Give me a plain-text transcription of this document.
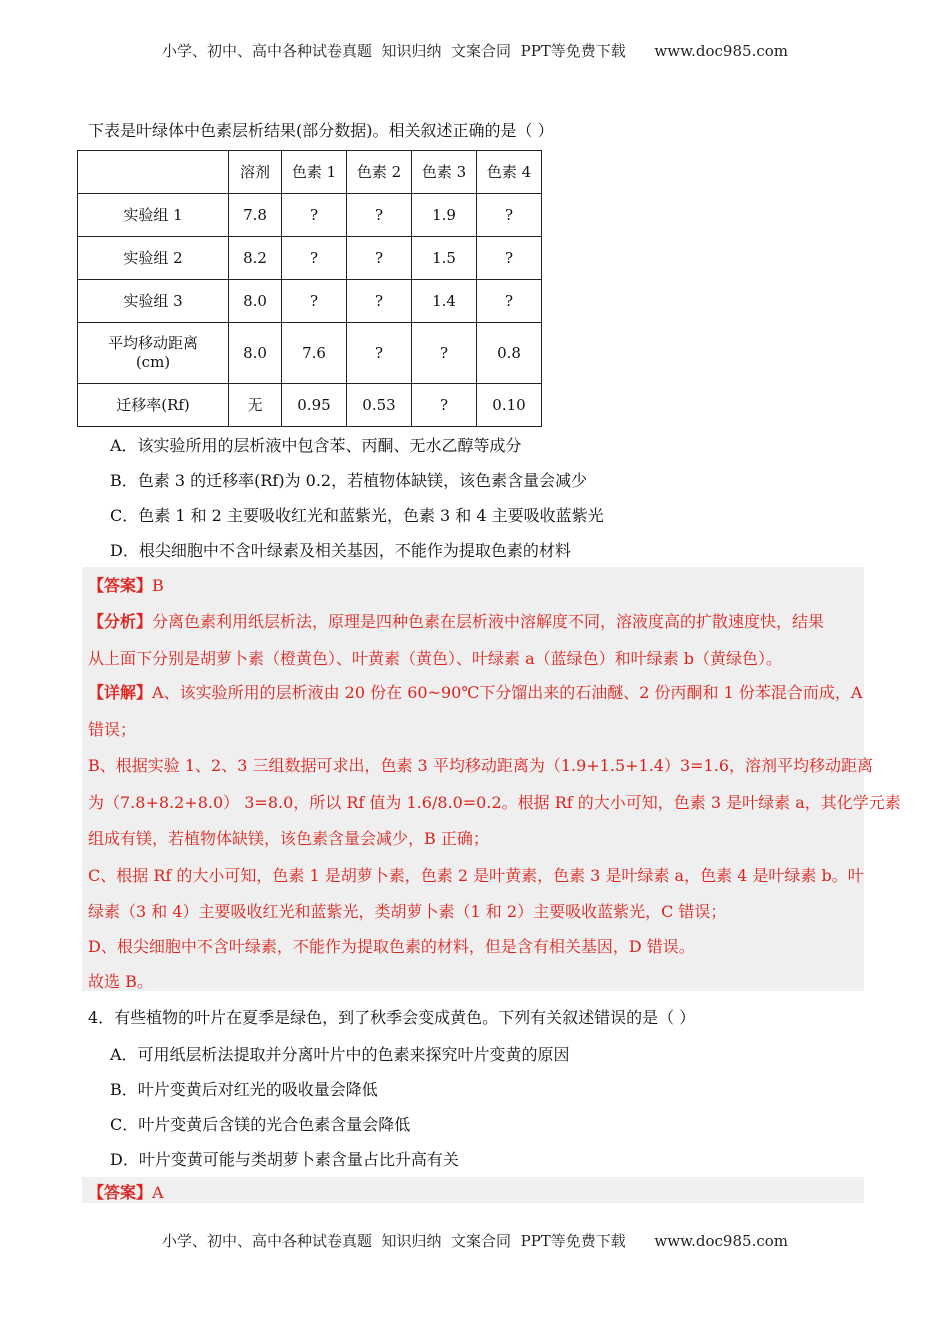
小学、初中、高中各种试卷真题  知识归纳  文案合同  PPT等免费下载      www.doc985.com
下表是叶绿体中色素层析结果(部分数据)。相关叙述正确的是（ ）
	溶剂	色素 1	色素 2	色素 3	色素 4
实验组 1	7.8	?	?	1.9	?
实验组 2	8.2	?	?	1.5	?
实验组 3	8.0	?	?	1.4	?

平均移动距离
(cm)	8.0	7.6	?	?	0.8
迁移率(Rf)	无	0.95	0.53	?	0.10
A．该实验所用的层析液中包含苯、丙酮、无水乙醇等成分
B．色素 3 的迁移率(Rf)为 0.2，若植物体缺镁，该色素含量会减少
C．色素 1 和 2 主要吸收红光和蓝紫光，色素 3 和 4 主要吸收蓝紫光
D．根尖细胞中不含叶绿素及相关基因，不能作为提取色素的材料
【答案】B
【分析】分离色素利用纸层析法，原理是四种色素在层析液中溶解度不同，溶液度高的扩散速度快，结果
从上面下分别是胡萝卜素（橙黄色）、叶黄素（黄色）、叶绿素 a（蓝绿色）和叶绿素 b（黄绿色）。
【详解】A、该实验所用的层析液由 20 份在 60~90℃下分馏出来的石油醚、2 份丙酮和 1 份苯混合而成，A
错误；
B、根据实验 1、2、3 三组数据可求出，色素 3 平均移动距离为（1.9+1.5+1.4）3=1.6，溶剂平均移动距离
为（7.8+8.2+8.0） 3=8.0，所以 Rf 值为 1.6/8.0=0.2。根据 Rf 的大小可知，色素 3 是叶绿素 a，其化学元素
组成有镁，若植物体缺镁，该色素含量会减少，B 正确；
C、根据 Rf 的大小可知，色素 1 是胡萝卜素，色素 2 是叶黄素，色素 3 是叶绿素 a，色素 4 是叶绿素 b。叶
绿素（3 和 4）主要吸收红光和蓝紫光，类胡萝卜素（1 和 2）主要吸收蓝紫光，C 错误；
D、根尖细胞中不含叶绿素，不能作为提取色素的材料，但是含有相关基因，D 错误。
故选 B。
4．有些植物的叶片在夏季是绿色，到了秋季会变成黄色。下列有关叙述错误的是（ ）
A．可用纸层析法提取并分离叶片中的色素来探究叶片变黄的原因
B．叶片变黄后对红光的吸收量会降低
C．叶片变黄后含镁的光合色素含量会降低
D．叶片变黄可能与类胡萝卜素含量占比升高有关
【答案】A
小学、初中、高中各种试卷真题  知识归纳  文案合同  PPT等免费下载      www.doc985.com
